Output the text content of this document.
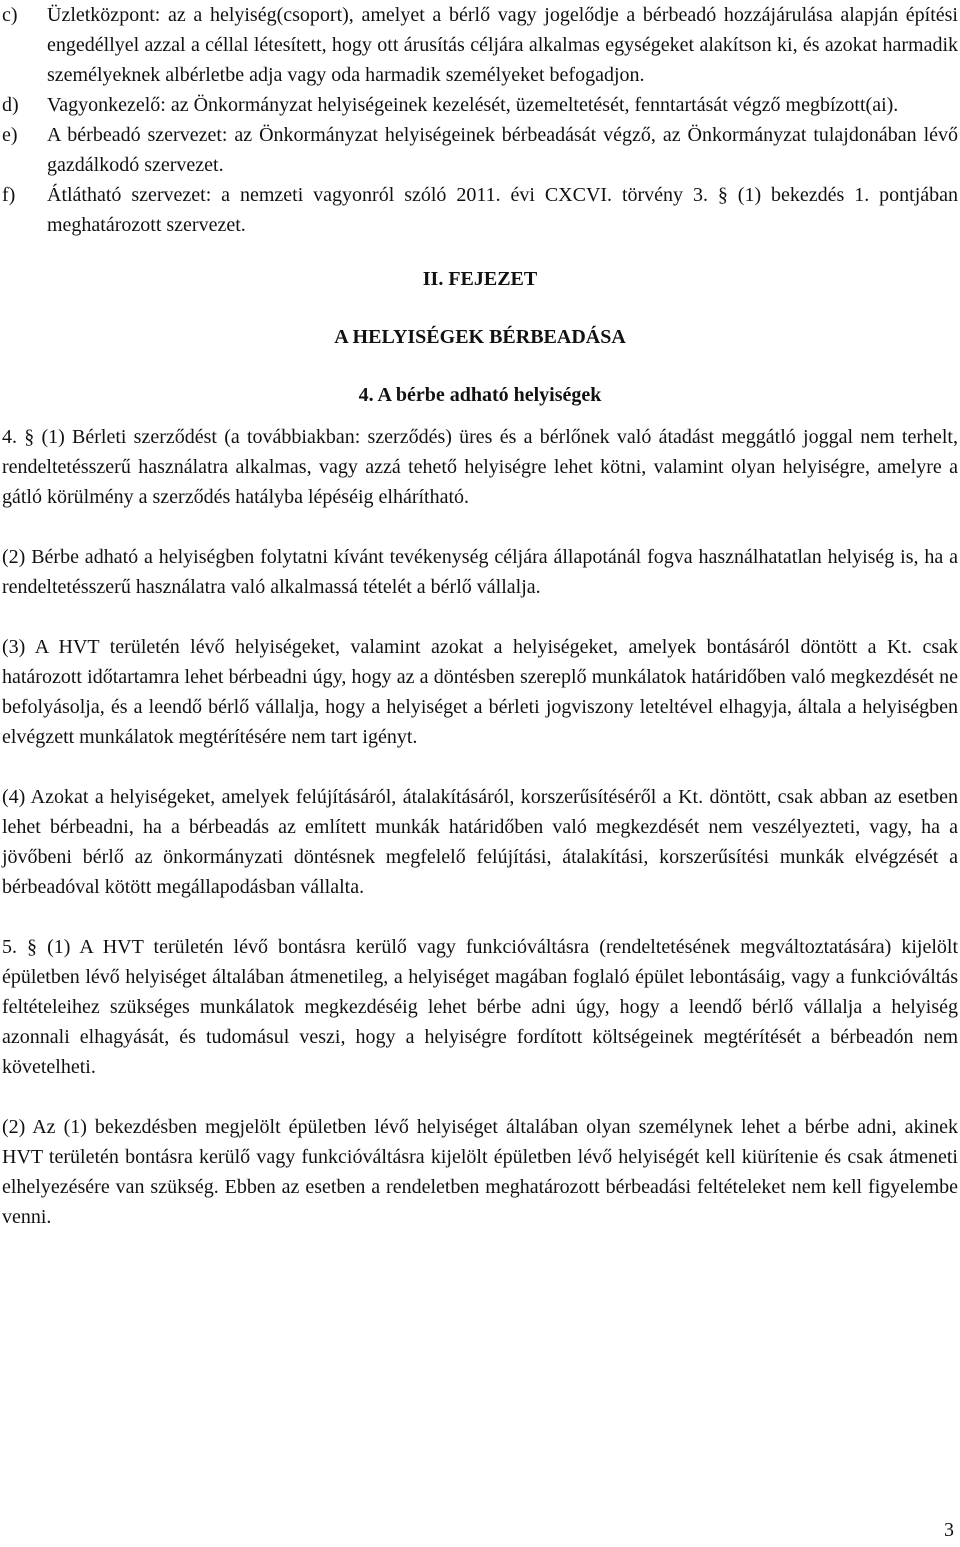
c) Üzletközpont: az a helyiség(csoport), amelyet a bérlő vagy jogelődje a bérbeadó hozzájárulása alapján építési engedéllyel azzal a céllal létesített, hogy ott árusítás céljára alkalmas egységeket alakítson ki, és azokat harmadik személyeknek albérletbe adja vagy oda harmadik személyeket befogadjon.
d) Vagyonkezelő: az Önkormányzat helyiségeinek kezelését, üzemeltetését, fenntartását végző megbízott(ai).
e) A bérbeadó szervezet: az Önkormányzat helyiségeinek bérbeadását végző, az Önkormányzat tulajdonában lévő gazdálkodó szervezet.
f) Átlátható szervezet: a nemzeti vagyonról szóló 2011. évi CXCVI. törvény 3. § (1) bekezdés 1. pontjában meghatározott szervezet.

II. FEJEZET

A HELYISÉGEK BÉRBEADÁSA

4. A bérbe adható helyiségek

4. § (1) Bérleti szerződést (a továbbiakban: szerződés) üres és a bérlőnek való átadást meggátló joggal nem terhelt, rendeltetésszerű használatra alkalmas, vagy azzá tehető helyiségre lehet kötni, valamint olyan helyiségre, amelyre a gátló körülmény a szerződés hatályba lépéséig elhárítható.

(2) Bérbe adható a helyiségben folytatni kívánt tevékenység céljára állapotánál fogva használhatatlan helyiség is, ha a rendeltetésszerű használatra való alkalmassá tételét a bérlő vállalja.

(3) A HVT területén lévő helyiségeket, valamint azokat a helyiségeket, amelyek bontásáról döntött a Kt. csak határozott időtartamra lehet bérbeadni úgy, hogy az a döntésben szereplő munkálatok határidőben való megkezdését ne befolyásolja, és a leendő bérlő vállalja, hogy a helyiséget a bérleti jogviszony leteltével elhagyja, általa a helyiségben elvégzett munkálatok megtérítésére nem tart igényt.

(4) Azokat a helyiségeket, amelyek felújításáról, átalakításáról, korszerűsítéséről a Kt. döntött, csak abban az esetben lehet bérbeadni, ha a bérbeadás az említett munkák határidőben való megkezdését nem veszélyezteti, vagy, ha a jövőbeni bérlő az önkormányzati döntésnek megfelelő felújítási, átalakítási, korszerűsítési munkák elvégzését a bérbeadóval kötött megállapodásban vállalta.

5. § (1) A HVT területén lévő bontásra kerülő vagy funkcióváltásra (rendeltetésének megváltoztatására) kijelölt épületben lévő helyiséget általában átmenetileg, a helyiséget magában foglaló épület lebontásáig, vagy a funkcióváltás feltételeihez szükséges munkálatok megkezdéséig lehet bérbe adni úgy, hogy a leendő bérlő vállalja a helyiség azonnali elhagyását, és tudomásul veszi, hogy a helyiségre fordított költségeinek megtérítését a bérbeadón nem követelheti.

(2) Az (1) bekezdésben megjelölt épületben lévő helyiséget általában olyan személynek lehet a bérbe adni, akinek HVT területén bontásra kerülő vagy funkcióváltásra kijelölt épületben lévő helyiségét kell kiürítenie és csak átmeneti elhelyezésére van szükség. Ebben az esetben a rendeletben meghatározott bérbeadási feltételeket nem kell figyelembe venni.

3
